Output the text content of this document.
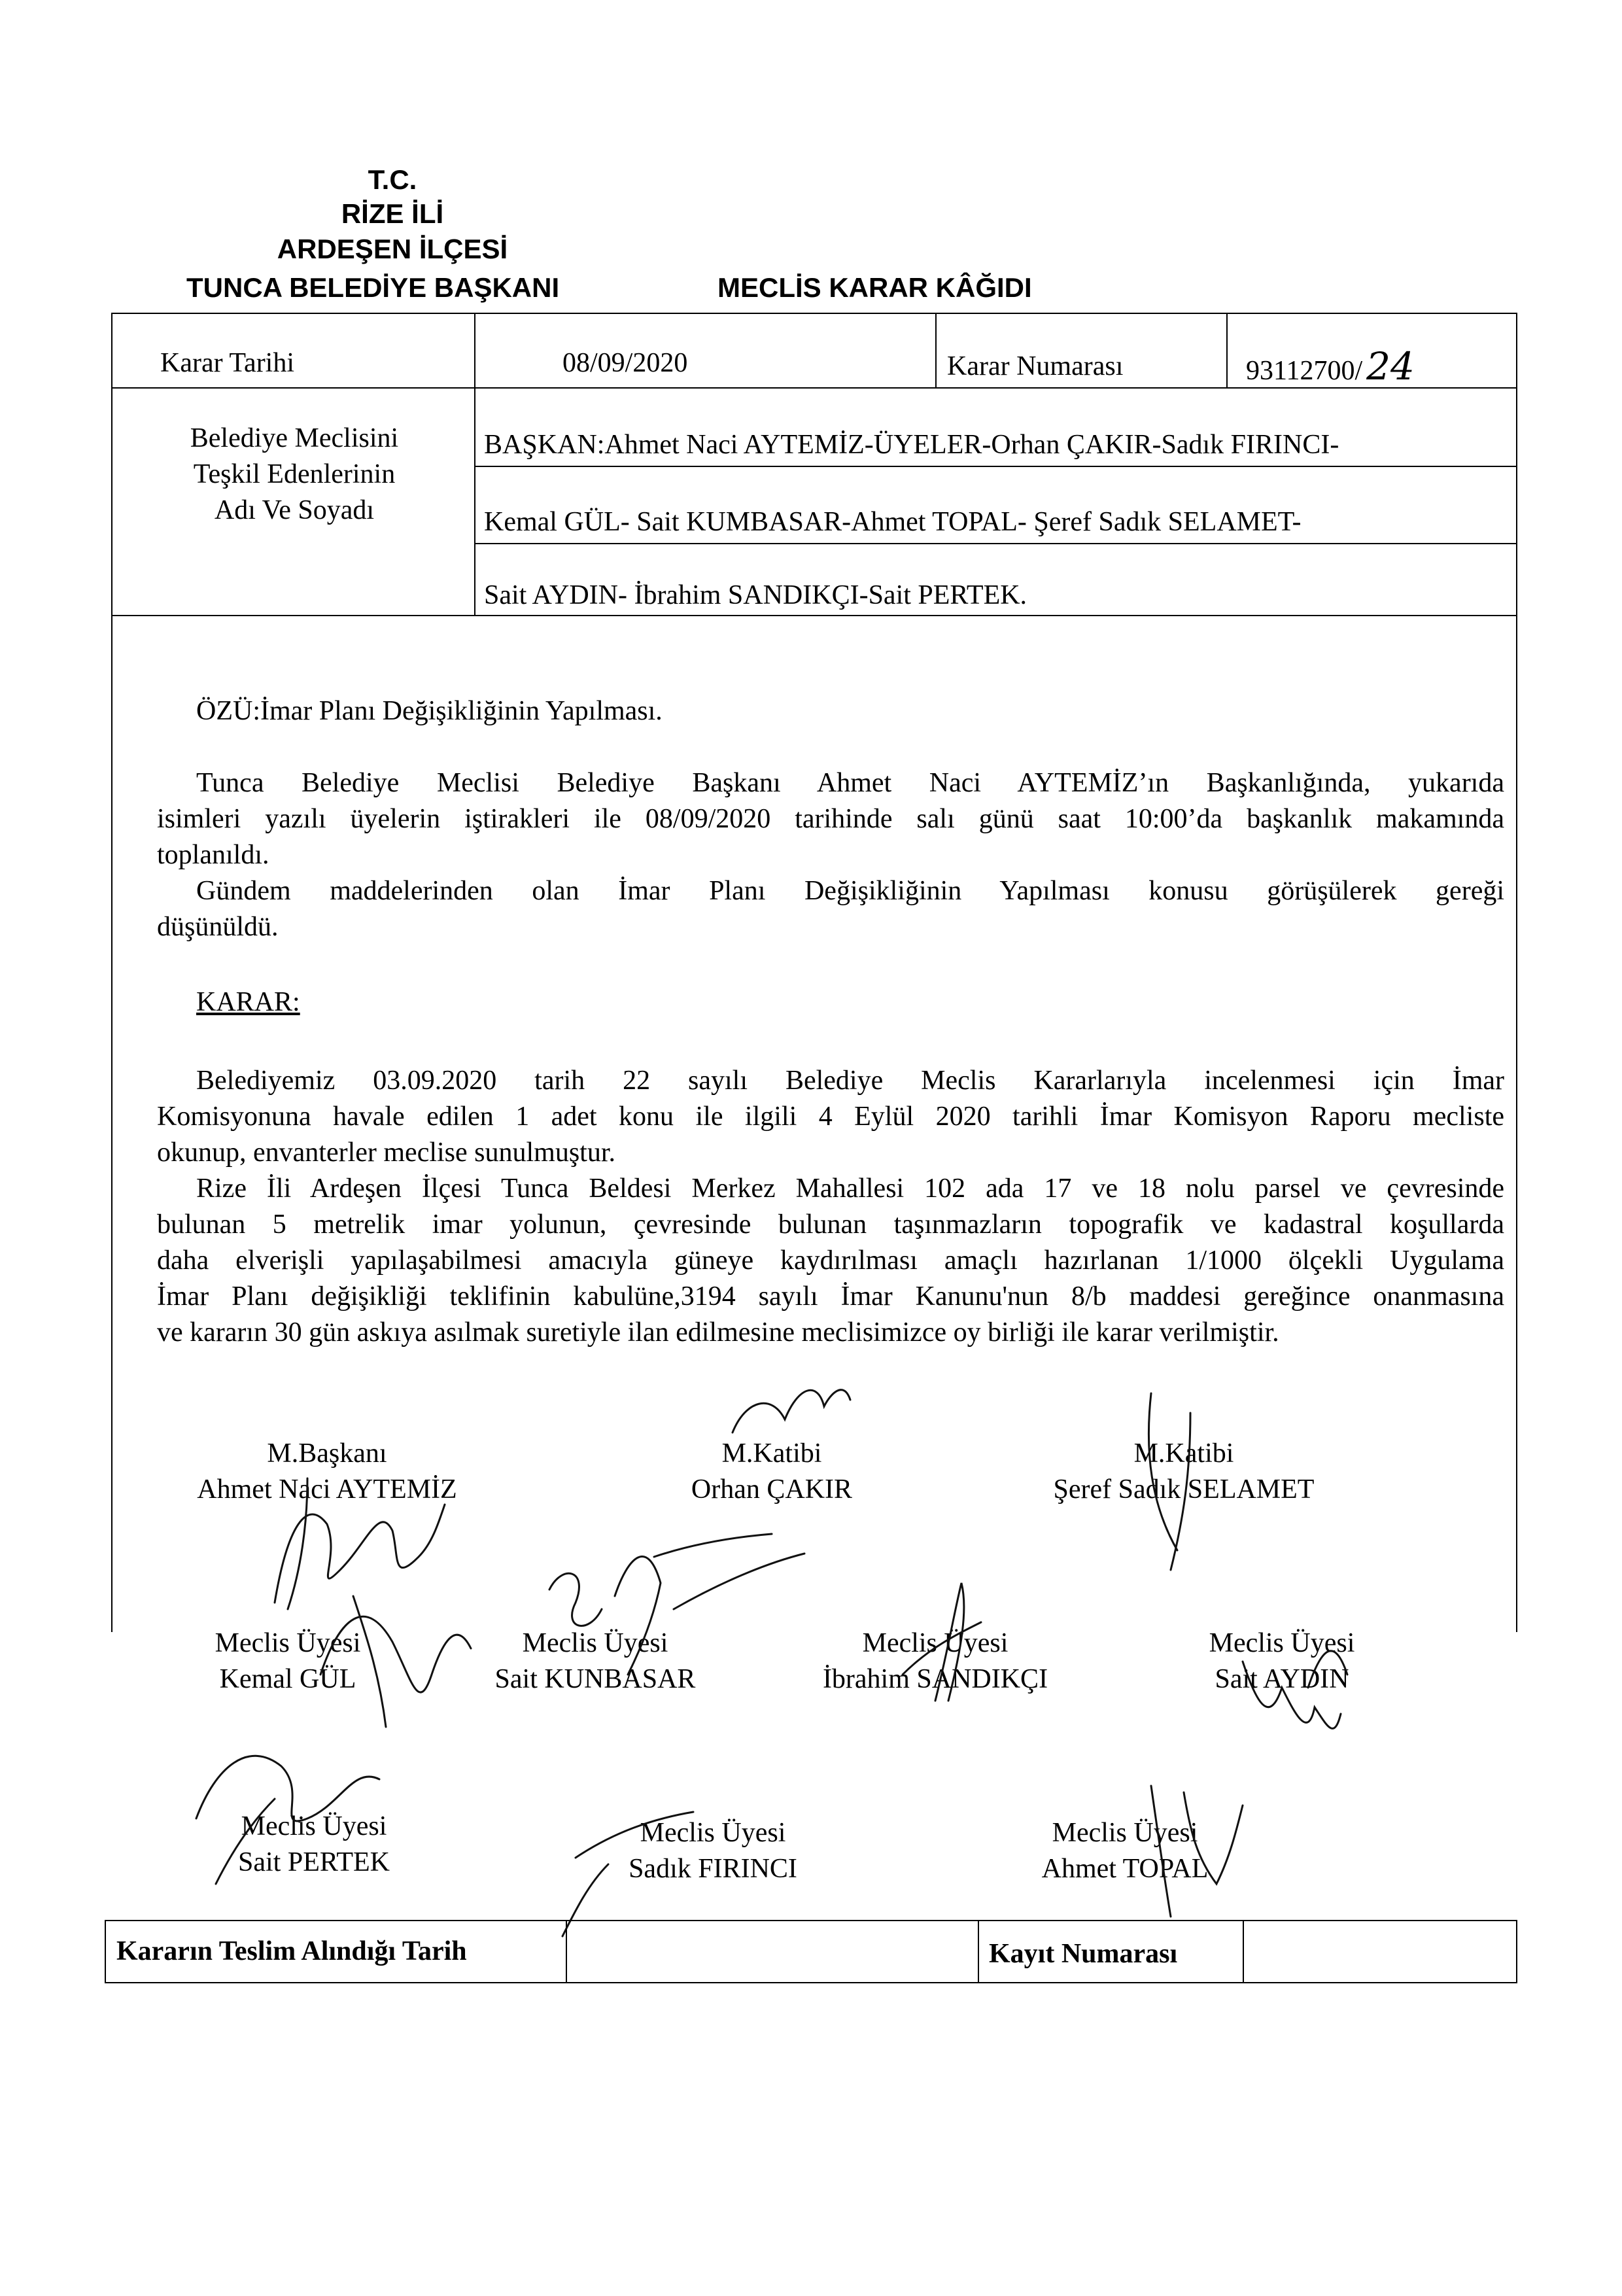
T.C.
RİZE İLİ
ARDEŞEN İLÇESİ
TUNCA BELEDİYE BAŞKANI	MECLİS KARAR KÂĞIDI
Karar Tarihi	08/09/2020	Karar Numarası	93112700/ 24
Belediye Meclisini
Teşkil Edenlerinin
Adı Ve Soyadı
BAŞKAN:Ahmet Naci AYTEMİZ-ÜYELER-Orhan ÇAKIR-Sadık FIRINCI-
Kemal GÜL- Sait KUMBASAR-Ahmet TOPAL- Şeref Sadık SELAMET-
Sait AYDIN- İbrahim SANDIKÇI-Sait PERTEK.
ÖZÜ:İmar Planı Değişikliğinin Yapılması.
Tunca Belediye Meclisi Belediye Başkanı Ahmet Naci AYTEMİZ’ın Başkanlığında, yukarıda
isimleri yazılı üyelerin iştirakleri ile 08/09/2020 tarihinde salı günü saat 10:00’da başkanlık makamında
toplanıldı.
Gündem maddelerinden olan İmar Planı Değişikliğinin Yapılması konusu görüşülerek gereği
düşünüldü.
KARAR:
Belediyemiz 03.09.2020 tarih 22 sayılı Belediye Meclis Kararlarıyla incelenmesi için İmar
Komisyonuna havale edilen 1 adet konu ile ilgili 4 Eylül 2020 tarihli İmar Komisyon Raporu mecliste
okunup, envanterler meclise sunulmuştur.
Rize İli Ardeşen İlçesi Tunca Beldesi Merkez Mahallesi 102 ada 17 ve 18 nolu parsel ve çevresinde
bulunan 5 metrelik imar yolunun, çevresinde bulunan taşınmazların topografik ve kadastral koşullarda
daha elverişli yapılaşabilmesi amacıyla güneye kaydırılması amaçlı hazırlanan 1/1000 ölçekli Uygulama
İmar Planı değişikliği teklifinin kabulüne,3194 sayılı İmar Kanunu'nun 8/b maddesi gereğince onanmasına
ve kararın 30 gün askıya asılmak suretiyle ilan edilmesine meclisimizce oy birliği ile karar verilmiştir.
M.Başkanı
Ahmet Naci AYTEMİZ
M.Katibi
Orhan ÇAKIR
M.Katibi
Şeref Sadık SELAMET
Meclis Üyesi
Kemal GÜL
Meclis Üyesi
Sait KUNBASAR
Meclis Üyesi
İbrahim SANDIKÇI
Meclis Üyesi
Sait AYDIN
Meclis Üyesi
Sait PERTEK
Meclis Üyesi
Sadık FIRINCI
Meclis Üyesi
Ahmet TOPAL
Kararın Teslim Alındığı Tarih	Kayıt Numarası
